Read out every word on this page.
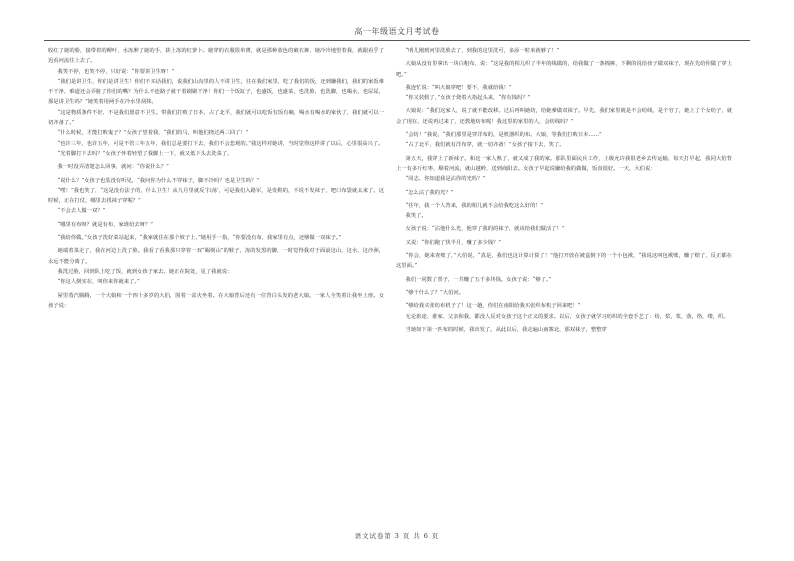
高一年级语文月考试卷

收红了她的脸，接带着的柳叶，水冻肿了她的手，搓上冻的红萝卜。她穿的衣服很单薄，就是那种蓝色的破衣裤，她冷冷地望着我，就跟看乎了迟看河流往上去了。

我笑不停，也笑不停，只好说：“你要讲卫生呀！”

“我们是讲卫生，你们是讲卫生！你们不买话我们，说我们山沟里的人不讲卫生，往在我们家里，吃了我们的饭，还到嫌我们，我们的家饭难不干净，难道还会弄脏了你们的嘴？为什么不连路子就干着刷刷干净！你们一个饭缸子，也盛饭，也盛菜，也洗脸，也洗脚，也喝水，也尿尿，那是讲卫生吗？”她笑着用两手在冷水里刮抹。

“这是物质条件不好，不是我们愿意不卫生。带我们打败了日本，占了北平，我们就可以吃饭有饭有碗，喝水有喝水的家伙了，我们就可以一切齐备了。”

“什么时候，才能打败鬼子？”女孩子望着我，“我们的马，叫他们挠过两三回了！”

“也许三年，也许五年，可是不管三年五年，我们总是要打下去，我们不会悲观的。”我这样对她讲，当时觉得这样讲了以后，心里很高兴了。

“光着脚打下去吗？”女孩子怀着轻望了我脚上一下，就又低下头去洗菜了。

我一时没弄清楚怎么回事，就问：“你说什么？”

“说什么？”女孩子也装没有听见，“我问你为什么不穿袜子，脚不冷吗？也是卫生吗？”

“嘿！”我也笑了，“这是没有法子的，什么卫生！从九月里就反‘扫荡’，可是我们入路军，是发鞋的，不说不发袜子，吧口布袋就太来了。这时候，正在打仗，哪里去找袜子穿呢？”

“不会去人做一双？”

“哪里有布呀？就是有布，家谁给去呀？”

“我给你做。”女孩子洗好菜站起来，“我家就住在那个坡子上，”她用手一指，“你要没有布，我家里有点，还够做一双袜子。”

她端着菜走了，我在河边上洗了脸。我看了看我那只穿着一双“踢倒山”的鞋子，冻的发黑的脚，一时觉得我对于面前这山，这水，这沙洲，永远不能分离了。

我洗过脸，回到队上吃了饭，就到女孩子家去。她正在院处，见了我就说：

“你这人倒实在，叫你来你就来了。”

屋里蒸汽腾腾，一个大娘和一个四十多岁的大伯，围着一盆火坐着。在大娘背后还有一位背白头发的老大娘。一家人全笑着让我坐上座。女孩子说：

“明儿刚到河里洗脸去了，到我的这里洗可，多添一粒米就够了！”

大娘从没有里拿出一块白粗布，说：“这是我的相儿织了半年的线做的，给我做了一条棉裤，下剩的说给孩子做双袜子，现在先给你做了穿上吧。”

我连忙说：“叫大娘穿吧！要不，我就给钱！”

“你又装假了，”女孩子烧着大指起头来，“你有钱吗？”

大娘说：“我们这家人，说了就不能改移。过后再叫她纺，给她爹做双袜子。早先，我们家里就是不会纺线，是个穷了，她上了个女纺子，就会了现在，还说再过来了，还教地纺布呢！我这里的家里的人，会纺线吗？”

“会纺！”我说，“我们那里是穿洋布的，是机器织的布。大娘，等我们打败日本……”

“占了北平，我们就有洋布穿，就一切齐备！”女孩子接下去，笑了。

第五天，我穿上了新袜子。和这一家人熟了，就又成了我的家。那队里面民兵工作，上级允许我很老乡去传运输，每天打早起，我同大伯背上一有多斤红枣，顺着河流，就山越岭，送到商阳去。女孩子早起说嫌给我的做做，饭食很好。一天，大伯说：

“同志，你知道我是沾你的光吗？”

“怎么沾了我的光？”

“往年，我一个人背来，我的相儿就不会给我吃这么好的！”

我笑了。

女孩子说：“沾他什么光，他穿了我的的袜子，就该给我们做活了！”

又说：“你们跑了快半月，赚了多少钱？”

“你会，她来查账了，”大伯说，“真是，我们也这计算计算了！”他打开放在被盒倒下的一个小包袱，“我说这叫包袱账，赚了赔了，反正都在这里面。”

我们一同数了票子，一共赚了五千多块钱。女孩子说：“够了。”

“够干什么了？”大伯问。

“够给我买张纺布机子了！这一趟，你们在南阳给我买张织布机子回来吧！”

无论旅途、谁家、父亲和我，都没人反对女孩子这个正义的要求。以后，女孩子就学习纺织的全套手艺了：纺，浆，浆，落，络，缕，织。

当她如下第一匹布的时候，我出发了。从此以后，我走遍山南寨北，那双袜子，整整穿

语文试卷第 3 页 共 6 页
